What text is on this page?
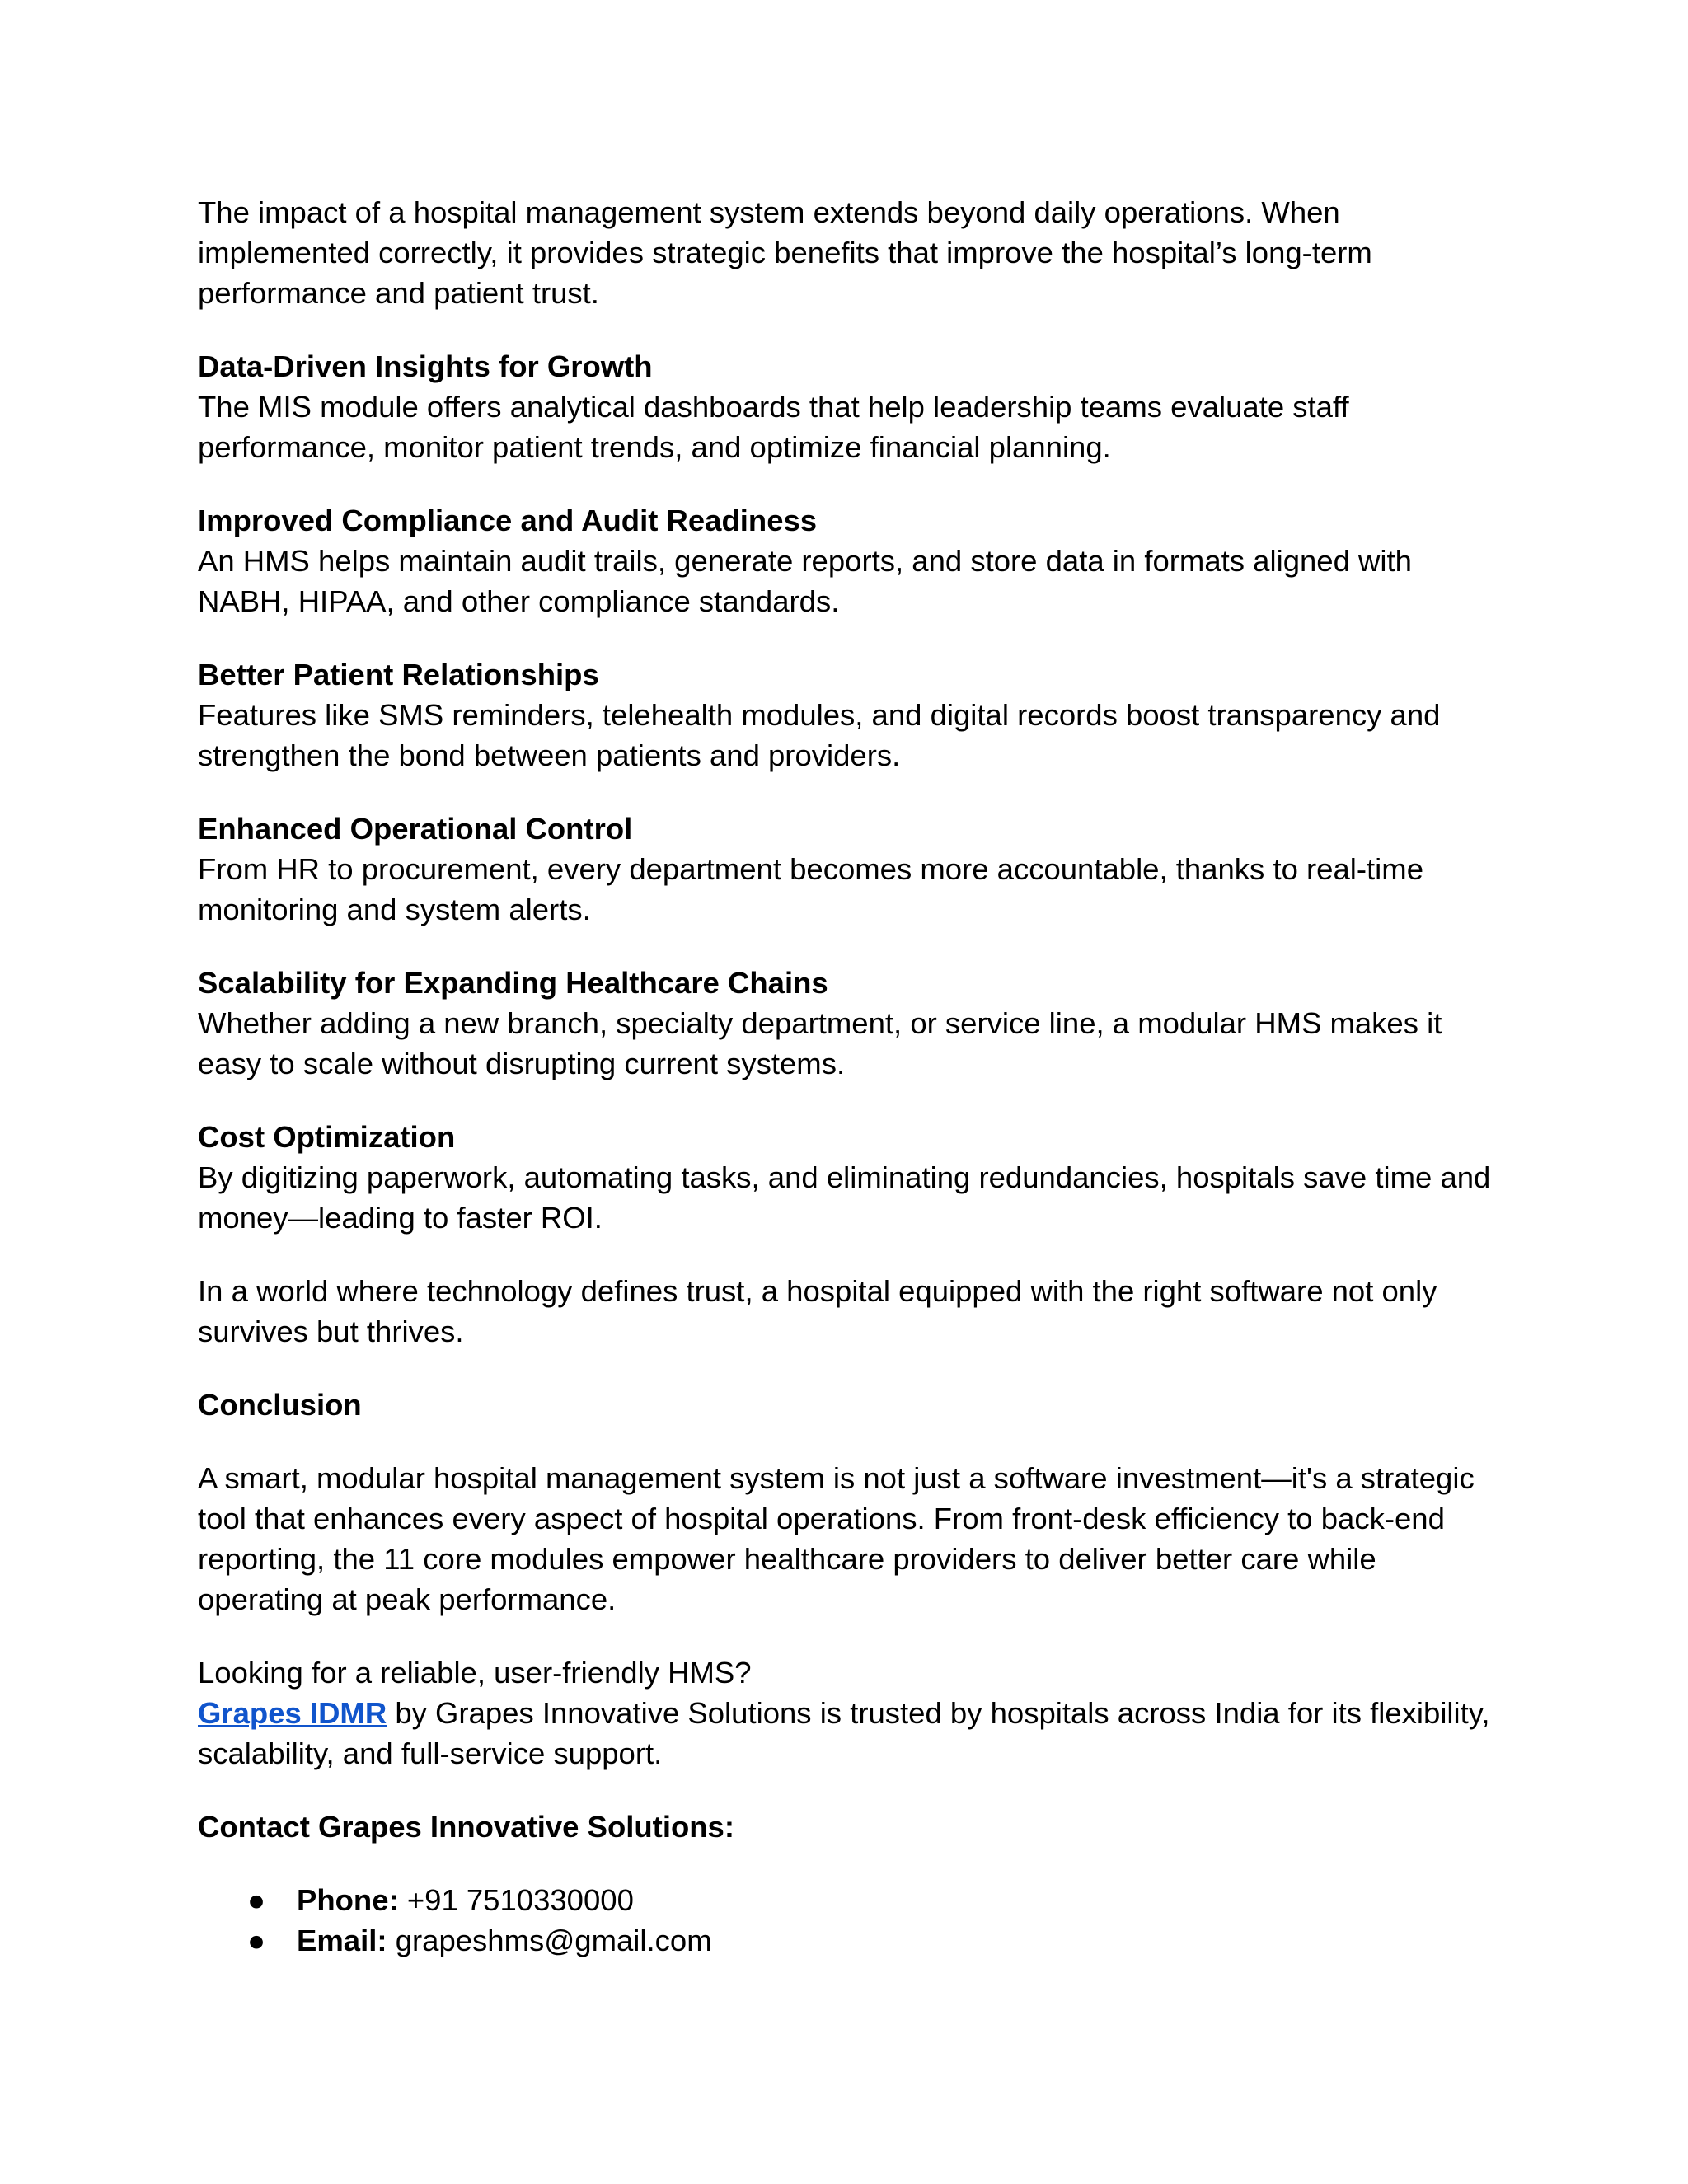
The impact of a hospital management system extends beyond daily operations. When implemented correctly, it provides strategic benefits that improve the hospital’s long-term performance and patient trust.

Data-Driven Insights for Growth
The MIS module offers analytical dashboards that help leadership teams evaluate staff performance, monitor patient trends, and optimize financial planning.
Improved Compliance and Audit Readiness
An HMS helps maintain audit trails, generate reports, and store data in formats aligned with NABH, HIPAA, and other compliance standards.
Better Patient Relationships
Features like SMS reminders, telehealth modules, and digital records boost transparency and strengthen the bond between patients and providers.
Enhanced Operational Control
From HR to procurement, every department becomes more accountable, thanks to real-time monitoring and system alerts.
Scalability for Expanding Healthcare Chains
Whether adding a new branch, specialty department, or service line, a modular HMS makes it easy to scale without disrupting current systems.
Cost Optimization
By digitizing paperwork, automating tasks, and eliminating redundancies, hospitals save time and money—leading to faster ROI.

In a world where technology defines trust, a hospital equipped with the right software not only survives but thrives.

Conclusion

A smart, modular hospital management system is not just a software investment—it's a strategic tool that enhances every aspect of hospital operations. From front-desk efficiency to back-end reporting, the 11 core modules empower healthcare providers to deliver better care while operating at peak performance.

Looking for a reliable, user-friendly HMS?
Grapes IDMR by Grapes Innovative Solutions is trusted by hospitals across India for its flexibility, scalability, and full-service support.

Contact Grapes Innovative Solutions:
● Phone: +91 7510330000
● Email: grapeshms@gmail.com
